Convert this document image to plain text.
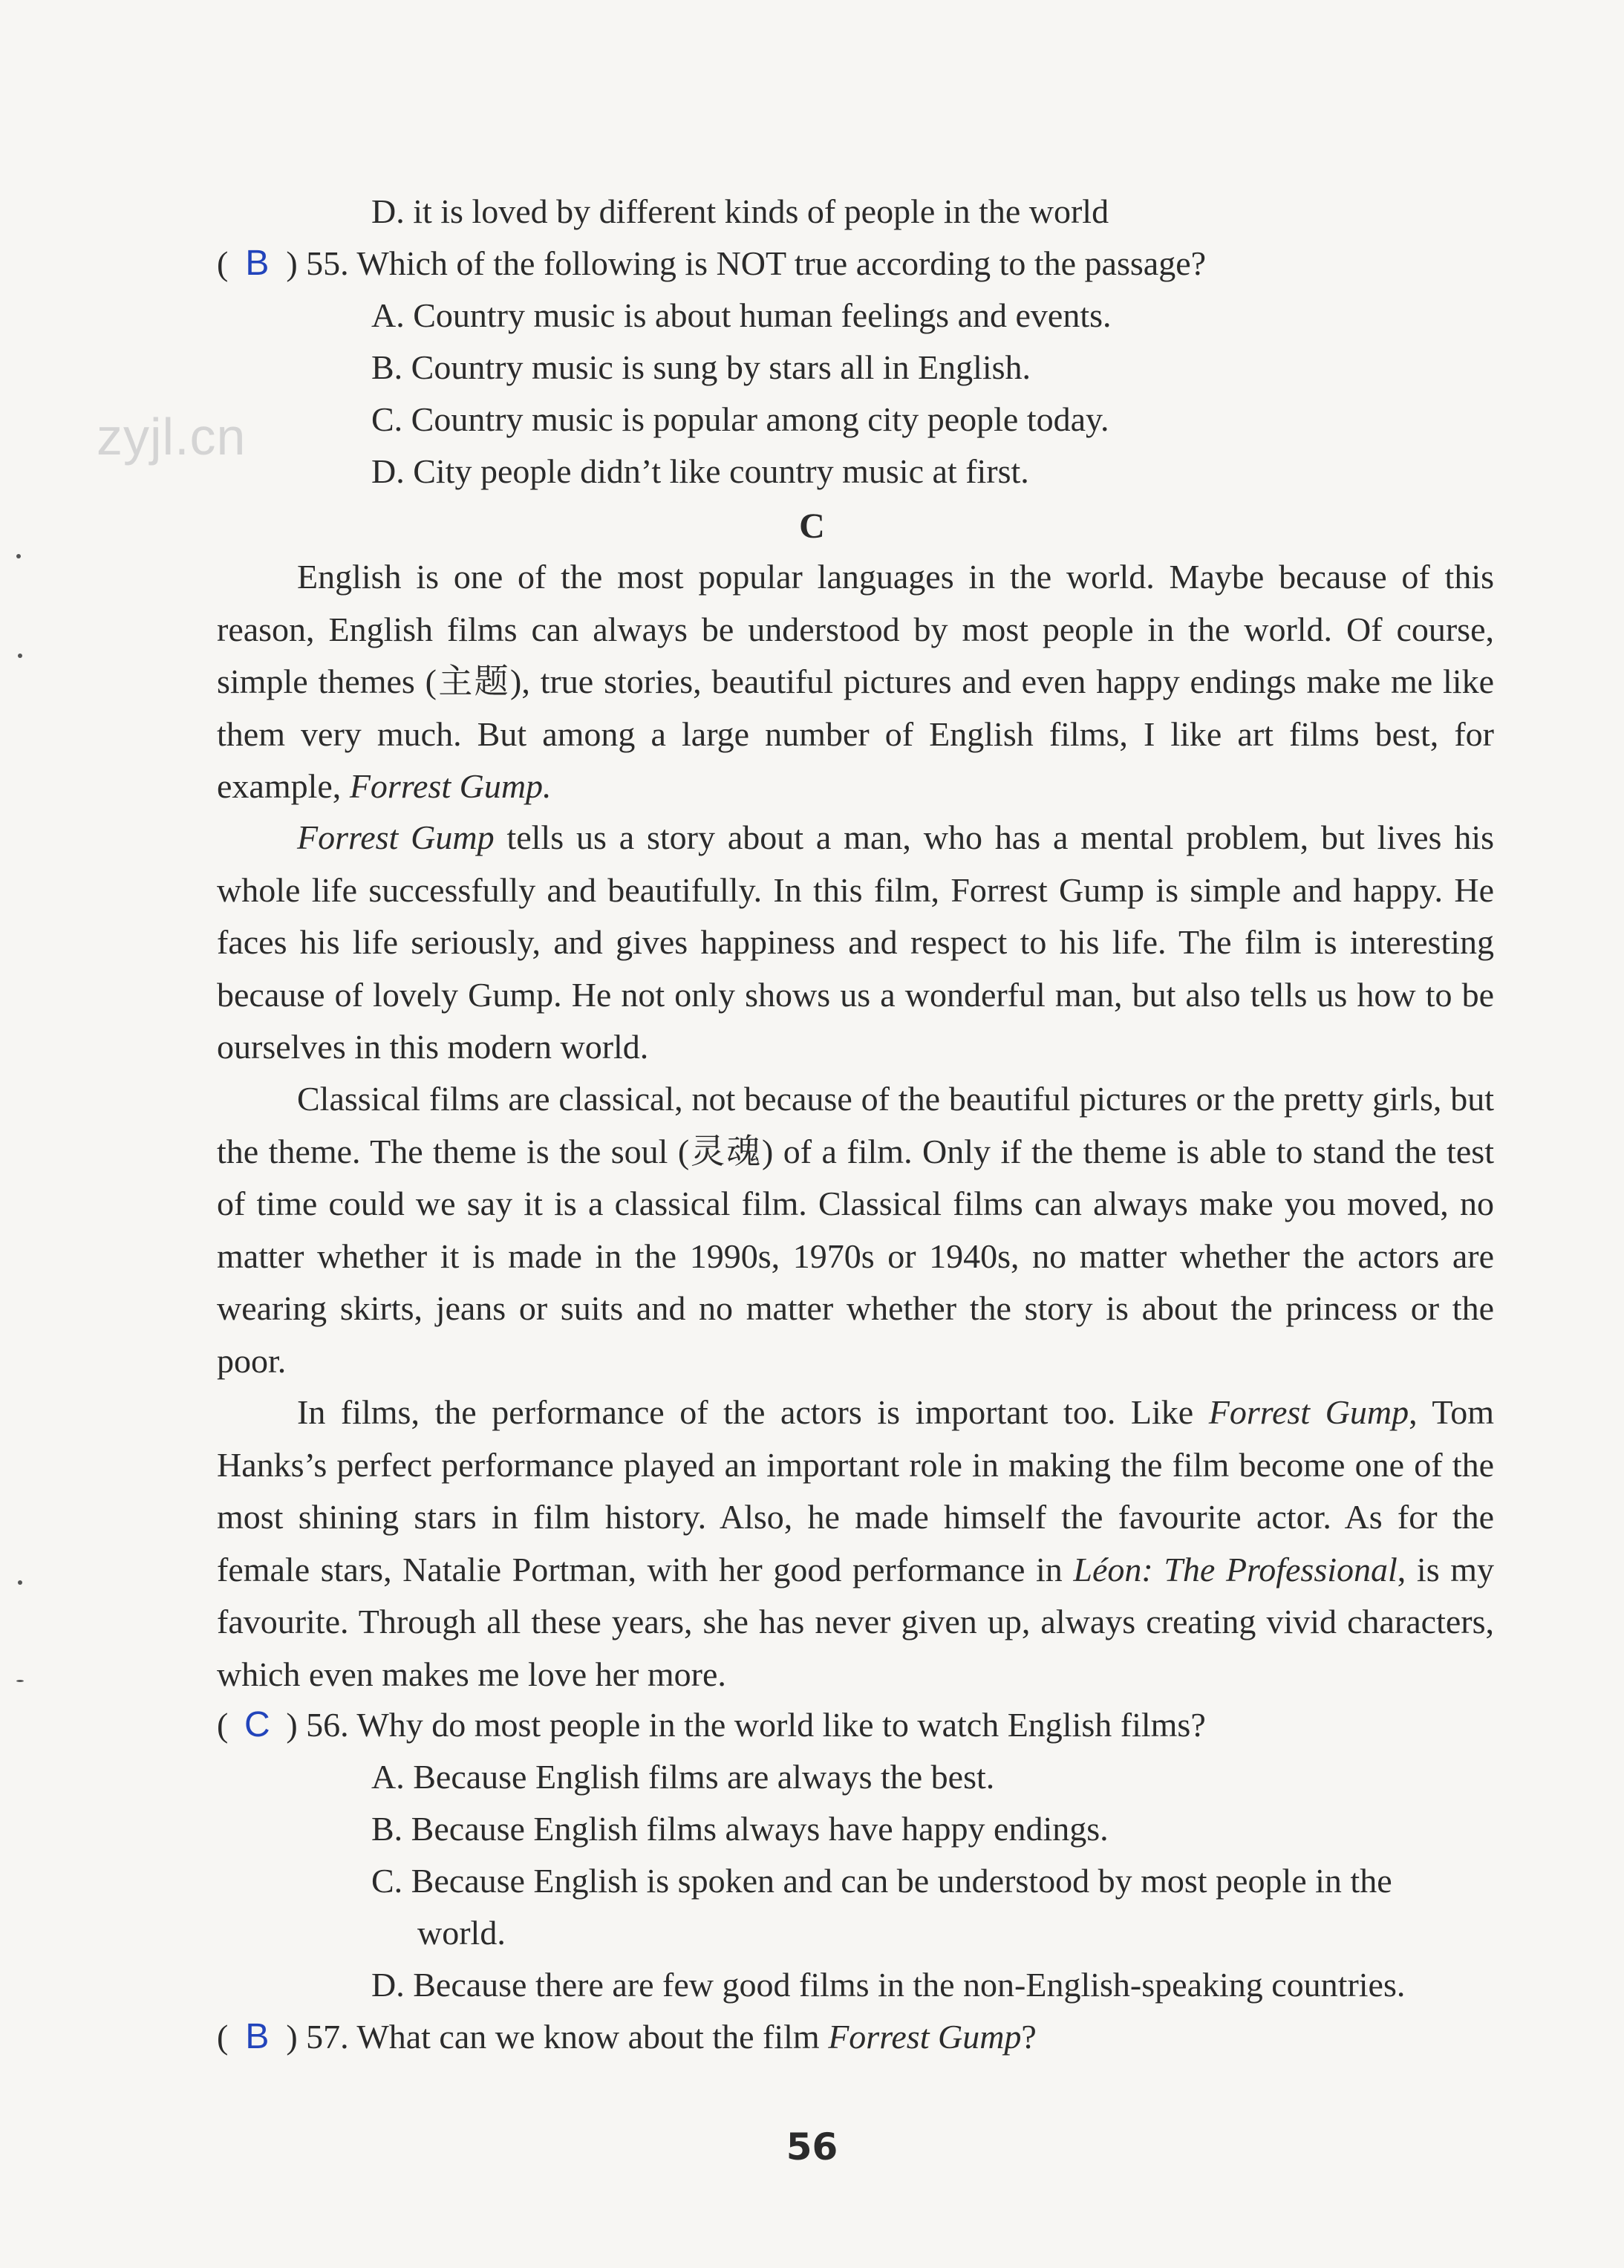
zyjl.cn
D. it is loved by different kinds of people in the world
( B ) 55. Which of the following is NOT true according to the passage?
A. Country music is about human feelings and events.
B. Country music is sung by stars all in English.
C. Country music is popular among city people today.
D. City people didn’t like country music at first.
C

English is one of the most popular languages in the world. Maybe because of this reason, English films can always be understood by most people in the world. Of course, simple themes (主题), true stories, beautiful pictures and even happy endings make me like them very much. But among a large number of English films, I like art films best, for example, Forrest Gump.

Forrest Gump tells us a story about a man, who has a mental problem, but lives his whole life successfully and beautifully. In this film, Forrest Gump is simple and happy. He faces his life seriously, and gives happiness and respect to his life. The film is interesting because of lovely Gump. He not only shows us a wonderful man, but also tells us how to be ourselves in this modern world.

Classical films are classical, not because of the beautiful pictures or the pretty girls, but the theme. The theme is the soul (灵魂) of a film. Only if the theme is able to stand the test of time could we say it is a classical film. Classical films can always make you moved, no matter whether it is made in the 1990s, 1970s or 1940s, no matter whether the actors are wearing skirts, jeans or suits and no matter whether the story is about the princess or the poor.

In films, the performance of the actors is important too. Like Forrest Gump, Tom Hanks’s perfect performance played an important role in making the film become one of the most shining stars in film history. Also, he made himself the favourite actor. As for the female stars, Natalie Portman, with her good performance in Léon: The Professional, is my favourite. Through all these years, she has never given up, always creating vivid characters, which even makes me love her more.

( C ) 56. Why do most people in the world like to watch English films?
A. Because English films are always the best.
B. Because English films always have happy endings.
C. Because English is spoken and can be understood by most people in the
world.
D. Because there are few good films in the non-English-speaking countries.
( B ) 57. What can we know about the film Forrest Gump?
56
